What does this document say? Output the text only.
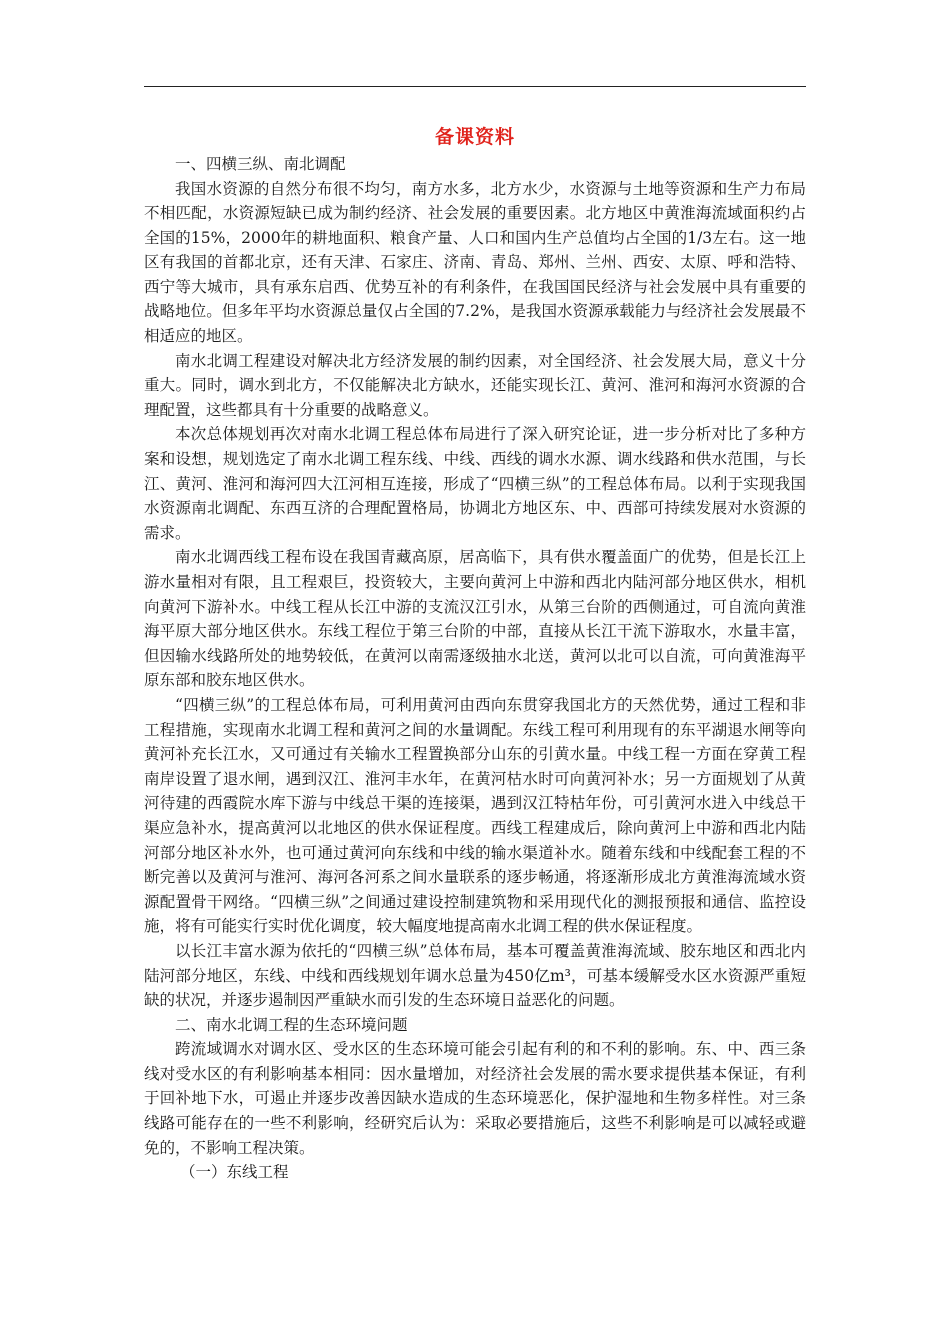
备课资料

一、四横三纵、南北调配

我国水资源的自然分布很不均匀，南方水多，北方水少，水资源与土地等资源和生产力布局不相匹配，水资源短缺已成为制约经济、社会发展的重要因素。北方地区中黄淮海流域面积约占全国的15%，2000年的耕地面积、粮食产量、人口和国内生产总值均占全国的1/3左右。这一地区有我国的首都北京，还有天津、石家庄、济南、青岛、郑州、兰州、西安、太原、呼和浩特、西宁等大城市，具有承东启西、优势互补的有利条件，在我国国民经济与社会发展中具有重要的战略地位。但多年平均水资源总量仅占全国的7.2%，是我国水资源承载能力与经济社会发展最不相适应的地区。

南水北调工程建设对解决北方经济发展的制约因素，对全国经济、社会发展大局，意义十分重大。同时，调水到北方，不仅能解决北方缺水，还能实现长江、黄河、淮河和海河水资源的合理配置，这些都具有十分重要的战略意义。

本次总体规划再次对南水北调工程总体布局进行了深入研究论证，进一步分析对比了多种方案和设想，规划选定了南水北调工程东线、中线、西线的调水水源、调水线路和供水范围，与长江、黄河、淮河和海河四大江河相互连接，形成了“四横三纵”的工程总体布局。以利于实现我国水资源南北调配、东西互济的合理配置格局，协调北方地区东、中、西部可持续发展对水资源的需求。

南水北调西线工程布设在我国青藏高原，居高临下，具有供水覆盖面广的优势，但是长江上游水量相对有限，且工程艰巨，投资较大，主要向黄河上中游和西北内陆河部分地区供水，相机向黄河下游补水。中线工程从长江中游的支流汉江引水，从第三台阶的西侧通过，可自流向黄淮海平原大部分地区供水。东线工程位于第三台阶的中部，直接从长江干流下游取水，水量丰富，但因输水线路所处的地势较低，在黄河以南需逐级抽水北送，黄河以北可以自流，可向黄淮海平原东部和胶东地区供水。

“四横三纵”的工程总体布局，可利用黄河由西向东贯穿我国北方的天然优势，通过工程和非工程措施，实现南水北调工程和黄河之间的水量调配。东线工程可利用现有的东平湖退水闸等向黄河补充长江水，又可通过有关输水工程置换部分山东的引黄水量。中线工程一方面在穿黄工程南岸设置了退水闸，遇到汉江、淮河丰水年，在黄河枯水时可向黄河补水；另一方面规划了从黄河待建的西霞院水库下游与中线总干渠的连接渠，遇到汉江特枯年份，可引黄河水进入中线总干渠应急补水，提高黄河以北地区的供水保证程度。西线工程建成后，除向黄河上中游和西北内陆河部分地区补水外，也可通过黄河向东线和中线的输水渠道补水。随着东线和中线配套工程的不断完善以及黄河与淮河、海河各河系之间水量联系的逐步畅通，将逐渐形成北方黄淮海流域水资源配置骨干网络。“四横三纵”之间通过建设控制建筑物和采用现代化的测报预报和通信、监控设施，将有可能实行实时优化调度，较大幅度地提高南水北调工程的供水保证程度。

以长江丰富水源为依托的“四横三纵”总体布局，基本可覆盖黄淮海流域、胶东地区和西北内陆河部分地区，东线、中线和西线规划年调水总量为450亿m³，可基本缓解受水区水资源严重短缺的状况，并逐步遏制因严重缺水而引发的生态环境日益恶化的问题。

二、南水北调工程的生态环境问题

跨流域调水对调水区、受水区的生态环境可能会引起有利的和不利的影响。东、中、西三条线对受水区的有利影响基本相同：因水量增加，对经济社会发展的需水要求提供基本保证，有利于回补地下水，可遏止并逐步改善因缺水造成的生态环境恶化，保护湿地和生物多样性。对三条线路可能存在的一些不利影响，经研究后认为：采取必要措施后，这些不利影响是可以减轻或避免的，不影响工程决策。

（一）东线工程
